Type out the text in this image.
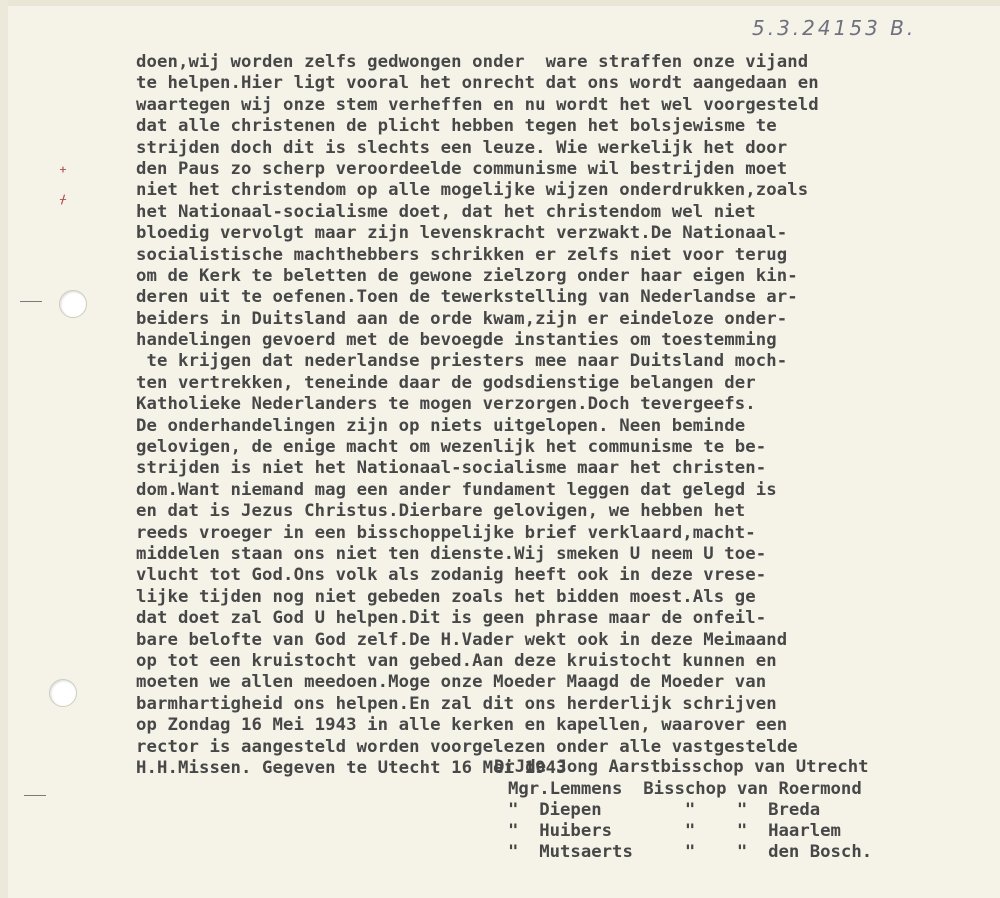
5.3.24153 B.
ᚐ
ᚋ
doen,wij worden zelfs gedwongen onder  ware straffen onze vijand
te helpen.Hier ligt vooral het onrecht dat ons wordt aangedaan en
waartegen wij onze stem verheffen en nu wordt het wel voorgesteld
dat alle christenen de plicht hebben tegen het bolsjewisme te
strijden doch dit is slechts een leuze. Wie werkelijk het door
den Paus zo scherp veroordeelde communisme wil bestrijden moet
niet het christendom op alle mogelijke wijzen onderdrukken,zoals
het Nationaal-socialisme doet, dat het christendom wel niet
bloedig vervolgt maar zijn levenskracht verzwakt.De Nationaal-
socialistische machthebbers schrikken er zelfs niet voor terug
om de Kerk te beletten de gewone zielzorg onder haar eigen kin-
deren uit te oefenen.Toen de tewerkstelling van Nederlandse ar-
beiders in Duitsland aan de orde kwam,zijn er eindeloze onder-
handelingen gevoerd met de bevoegde instanties om toestemming
te krijgen dat nederlandse priesters mee naar Duitsland moch-
ten vertrekken, teneinde daar de godsdienstige belangen der
Katholieke Nederlanders te mogen verzorgen.Doch tevergeefs.
De onderhandelingen zijn op niets uitgelopen. Neen beminde
gelovigen, de enige macht om wezenlijk het communisme te be-
strijden is niet het Nationaal-socialisme maar het christen-
dom.Want niemand mag een ander fundament leggen dat gelegd is
en dat is Jezus Christus.Dierbare gelovigen, we hebben het
reeds vroeger in een bisschoppelijke brief verklaard,macht-
middelen staan ons niet ten dienste.Wij smeken U neem U toe-
vlucht tot God.Ons volk als zodanig heeft ook in deze vrese-
lijke tijden nog niet gebeden zoals het bidden moest.Als ge
dat doet zal God U helpen.Dit is geen phrase maar de onfeil-
bare belofte van God zelf.De H.Vader wekt ook in deze Meimaand
op tot een kruistocht van gebed.Aan deze kruistocht kunnen en
moeten we allen meedoen.Moge onze Moeder Maagd de Moeder van
barmhartigheid ons helpen.En zal dit ons herderlijk schrijven
op Zondag 16 Mei 1943 in alle kerken en kapellen, waarover een
rector is aangesteld worden voorgelezen onder alle vastgestelde
H.H.Missen. Gegeven te Utecht 16 Mei 1943
DrJde Jong Aarstbisschop van Utrecht
Mgr.Lemmens  Bisschop van Roermond
"  Diepen        "    "  Breda
"  Huibers       "    "  Haarlem
"  Mutsaerts     "    "  den Bosch.
